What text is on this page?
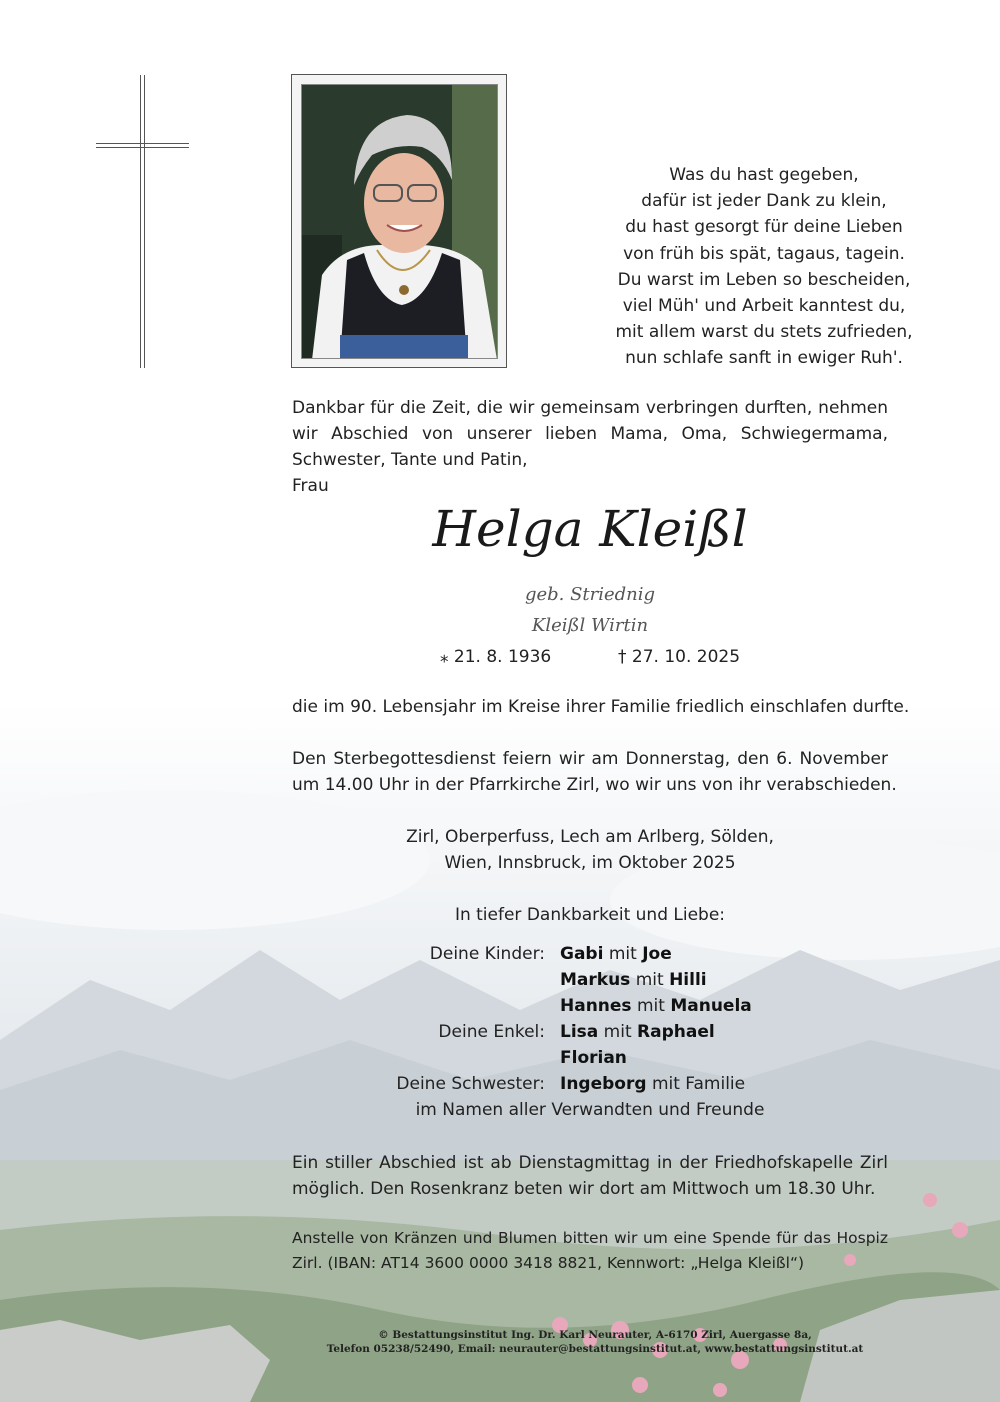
Was du hast gegeben,
dafür ist jeder Dank zu klein,
du hast gesorgt für deine Lieben
von früh bis spät, tagaus, tagein.
Du warst im Leben so bescheiden,
viel Müh' und Arbeit kanntest du,
mit allem warst du stets zufrieden,
nun schlafe sanft in ewiger Ruh'.
Dankbar für die Zeit, die wir gemeinsam verbringen durften, nehmen
wir Abschied von unserer lieben Mama, Oma, Schwiegermama,
Schwester, Tante und Patin,
Frau
Helga Kleißl
geb. Striednig
Kleißl Wirtin
⁎ 21. 8. 1936	† 27. 10. 2025
die im 90. Lebensjahr im Kreise ihrer Familie friedlich einschlafen durfte.
Den Sterbegottesdienst feiern wir am Donnerstag, den 6. November
um 14.00 Uhr in der Pfarrkirche Zirl, wo wir uns von ihr verabschieden.
Zirl, Oberperfuss, Lech am Arlberg, Sölden,
Wien, Innsbruck, im Oktober 2025
In tiefer Dankbarkeit und Liebe:
Deine Kinder: Gabi mit Joe
Markus mit Hilli
Hannes mit Manuela
Deine Enkel: Lisa mit Raphael
Florian
Deine Schwester: Ingeborg mit Familie
im Namen aller Verwandten und Freunde
Ein stiller Abschied ist ab Dienstagmittag in der Friedhofskapelle Zirl
möglich. Den Rosenkranz beten wir dort am Mittwoch um 18.30 Uhr.
Anstelle von Kränzen und Blumen bitten wir um eine Spende für das Hospiz
Zirl. (IBAN: AT14 3600 0000 3418 8821, Kennwort: „Helga Kleißl“)
© Bestattungsinstitut Ing. Dr. Karl Neurauter, A-6170 Zirl, Auergasse 8a,
Telefon 05238/52490, Email: neurauter@bestattungsinstitut.at, www.bestattungsinstitut.at
